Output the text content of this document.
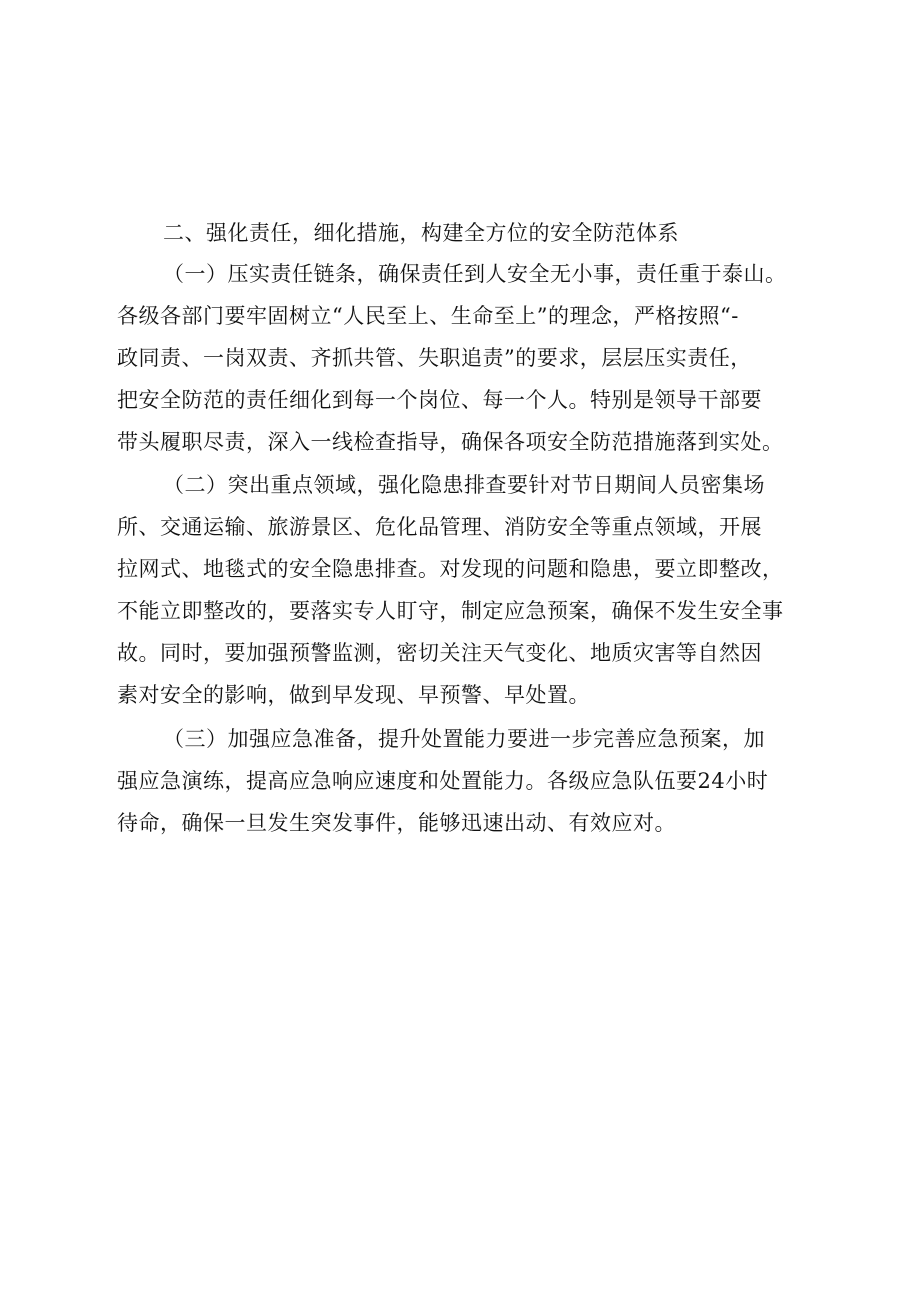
二、强化责任，细化措施，构建全方位的安全防范体系
（一）压实责任链条，确保责任到人安全无小事，责任重于泰山。
各级各部门要牢固树立“人民至上、生命至上”的理念，严格按照“-
政同责、一岗双责、齐抓共管、失职追责”的要求，层层压实责任，
把安全防范的责任细化到每一个岗位、每一个人。特别是领导干部要
带头履职尽责，深入一线检查指导，确保各项安全防范措施落到实处。
（二）突出重点领域，强化隐患排查要针对节日期间人员密集场
所、交通运输、旅游景区、危化品管理、消防安全等重点领域，开展
拉网式、地毯式的安全隐患排查。对发现的问题和隐患，要立即整改，
不能立即整改的，要落实专人盯守，制定应急预案，确保不发生安全事
故。同时，要加强预警监测，密切关注天气变化、地质灾害等自然因
素对安全的影响，做到早发现、早预警、早处置。
（三）加强应急准备，提升处置能力要进一步完善应急预案，加
强应急演练，提高应急响应速度和处置能力。各级应急队伍要24小时
待命，确保一旦发生突发事件，能够迅速出动、有效应对。
